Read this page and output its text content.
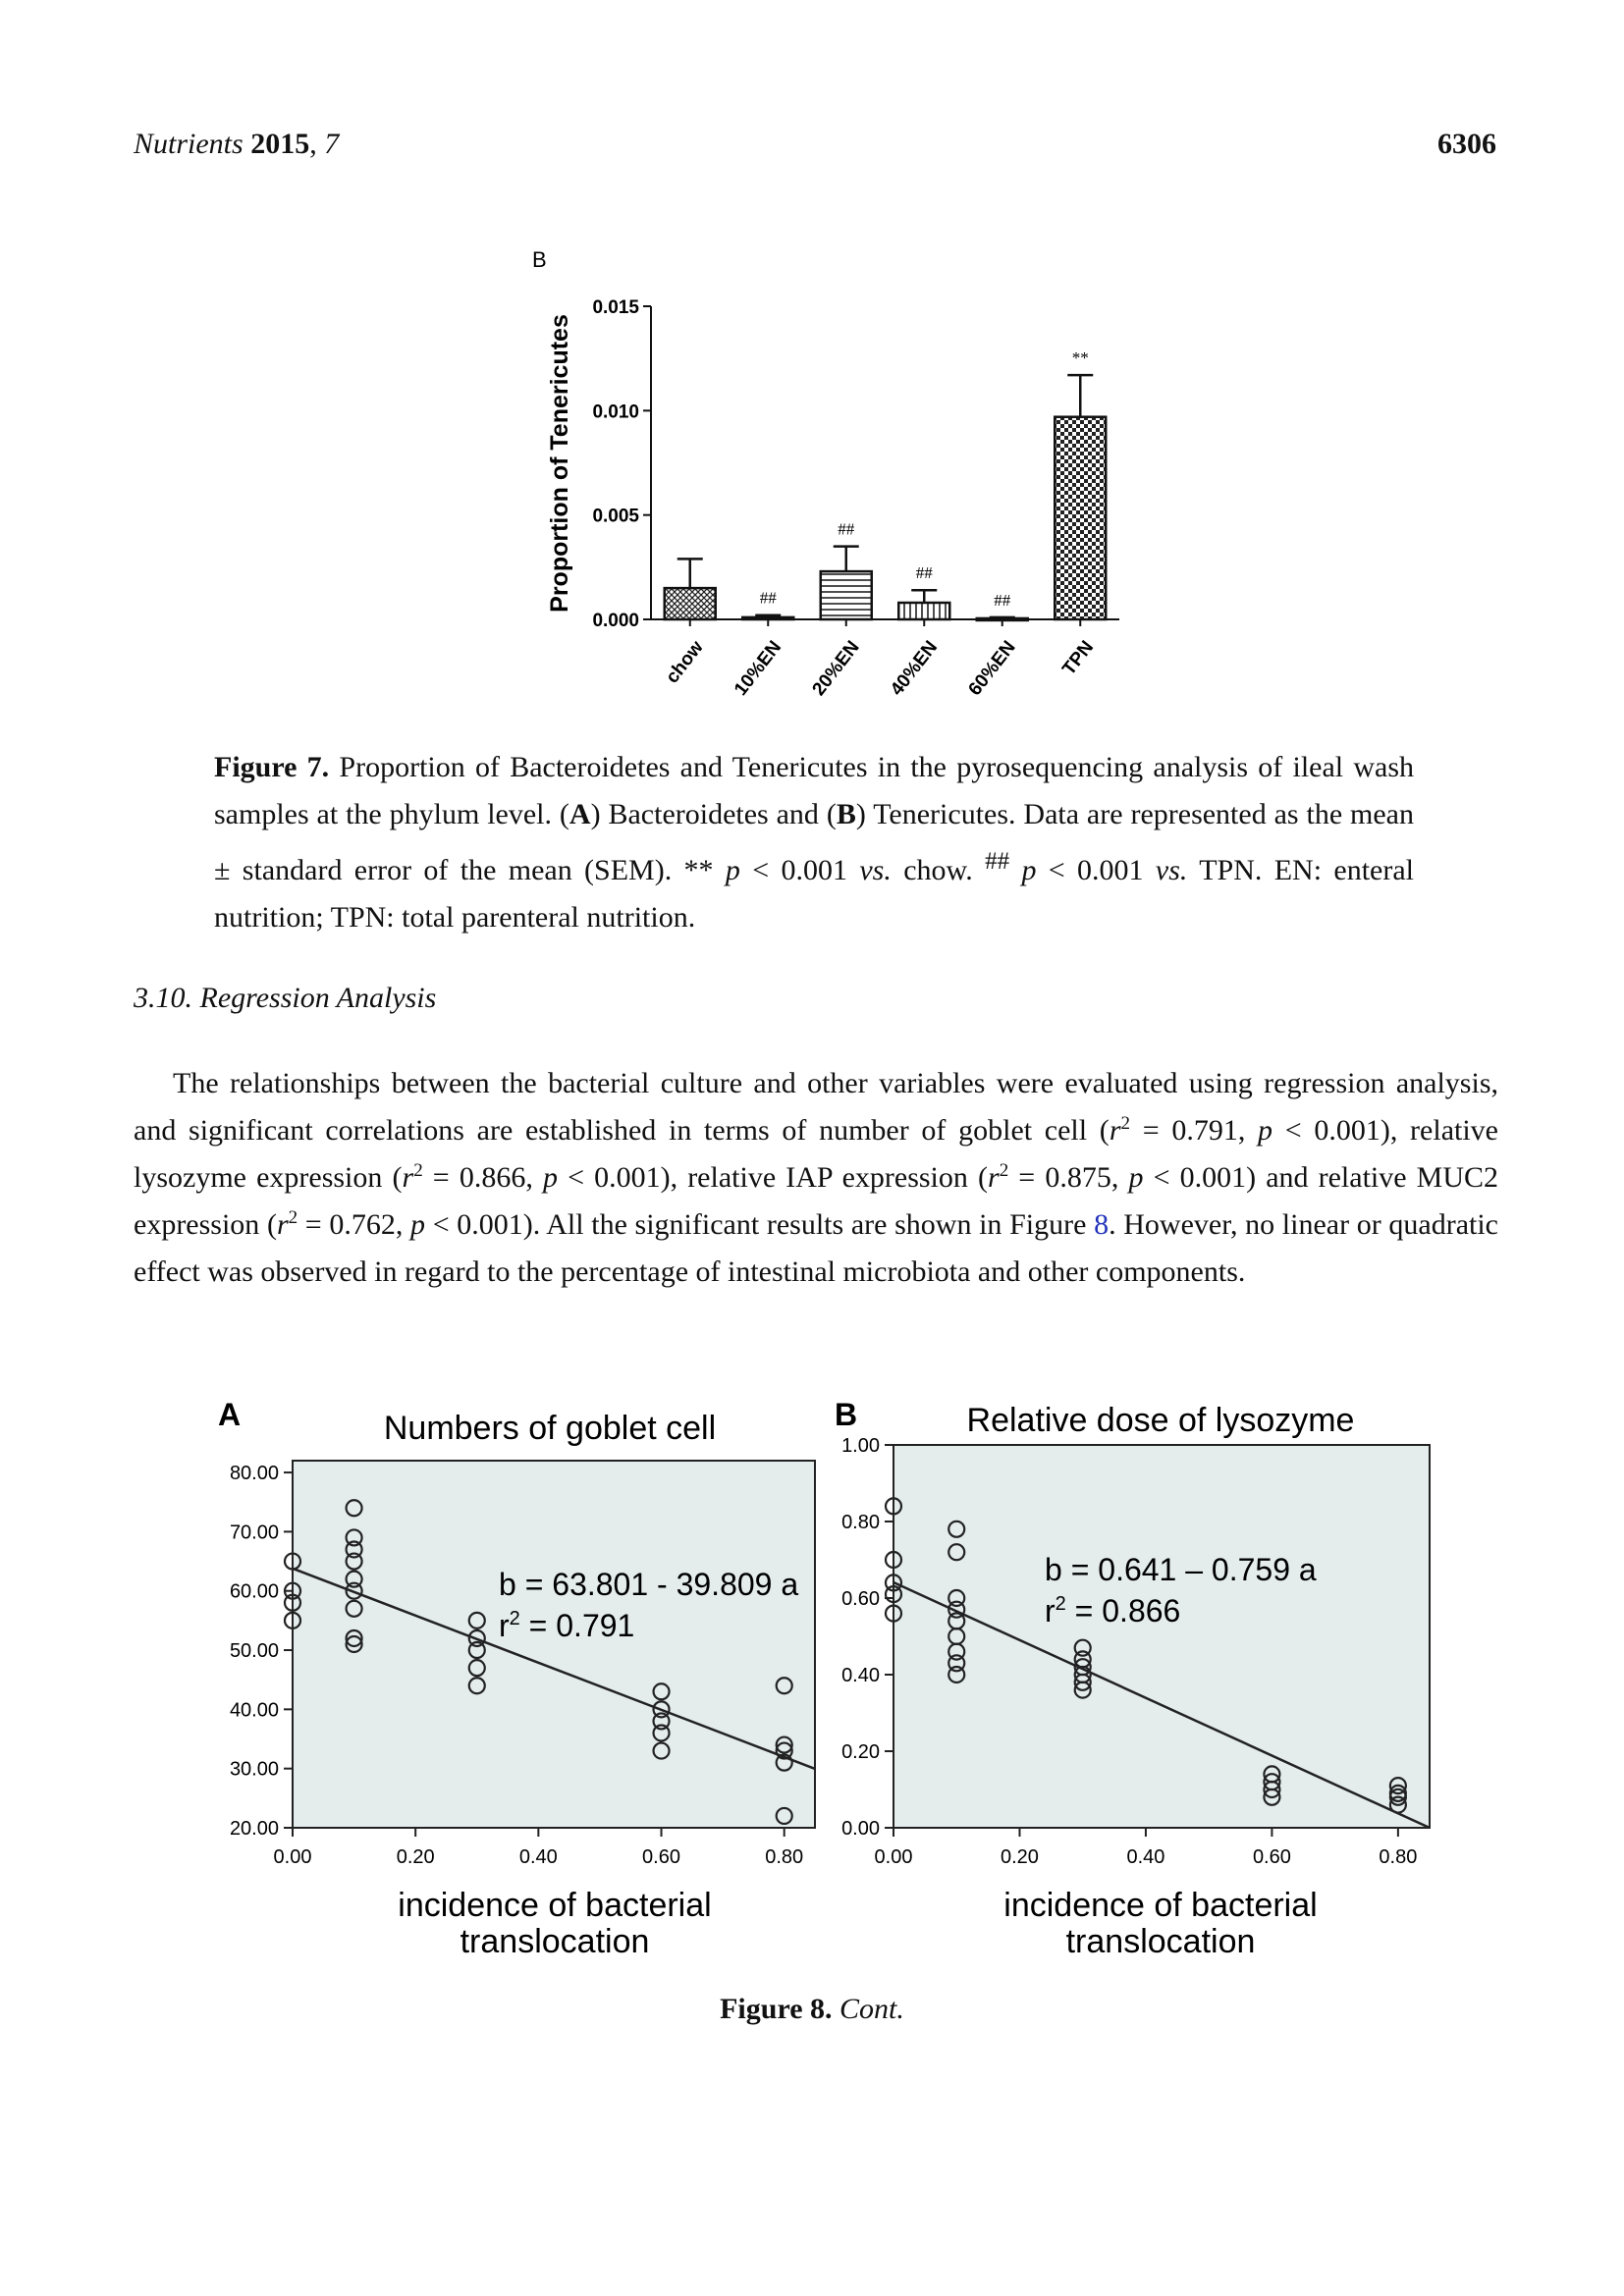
Nutrients 2015, 7	6306
B
0.000
0.005
0.010
0.015
Proportion of Tenericutes
chow
##
10%EN
##
20%EN
##
40%EN
##
60%EN
**
TPN
Figure 7. Proportion of Bacteroidetes and Tenericutes in the pyrosequencing analysis of ileal wash samples at the phylum level. (A) Bacteroidetes and (B) Tenericutes. Data are represented as the mean ± standard error of the mean (SEM). ** p < 0.001 vs. chow. ## p < 0.001 vs. TPN. EN: enteral nutrition; TPN: total parenteral nutrition.
3.10. Regression Analysis
The relationships between the bacterial culture and other variables were evaluated using regression analysis, and significant correlations are established in terms of number of goblet cell ($r^2 = 0.791$, p < 0.001), relative lysozyme expression ($r^2 = 0.866$, p < 0.001), relative IAP expression ($r^2 = 0.875$, p < 0.001) and relative MUC2 expression ($r^2 = 0.762$, p < 0.001). All the significant results are shown in Figure 8. However, no linear or quadratic effect was observed in regard to the percentage of intestinal microbiota and other components.
A	B
Numbers of goblet cell
20.00
30.00
40.00
50.00
60.00
70.00
80.00
0.00	0.20	0.40	0.60	0.80
b = 63.801 - 39.809 a
$r^2 = 0.791$
incidence of bacterial
translocation
Relative dose of lysozyme
0.00
0.20
0.40
0.60
0.80
1.00
0.00	0.20	0.40	0.60	0.80
b = 0.641 – 0.759 a
$r^2 = 0.866$
incidence of bacterial
translocation
Figure 8. Cont.
